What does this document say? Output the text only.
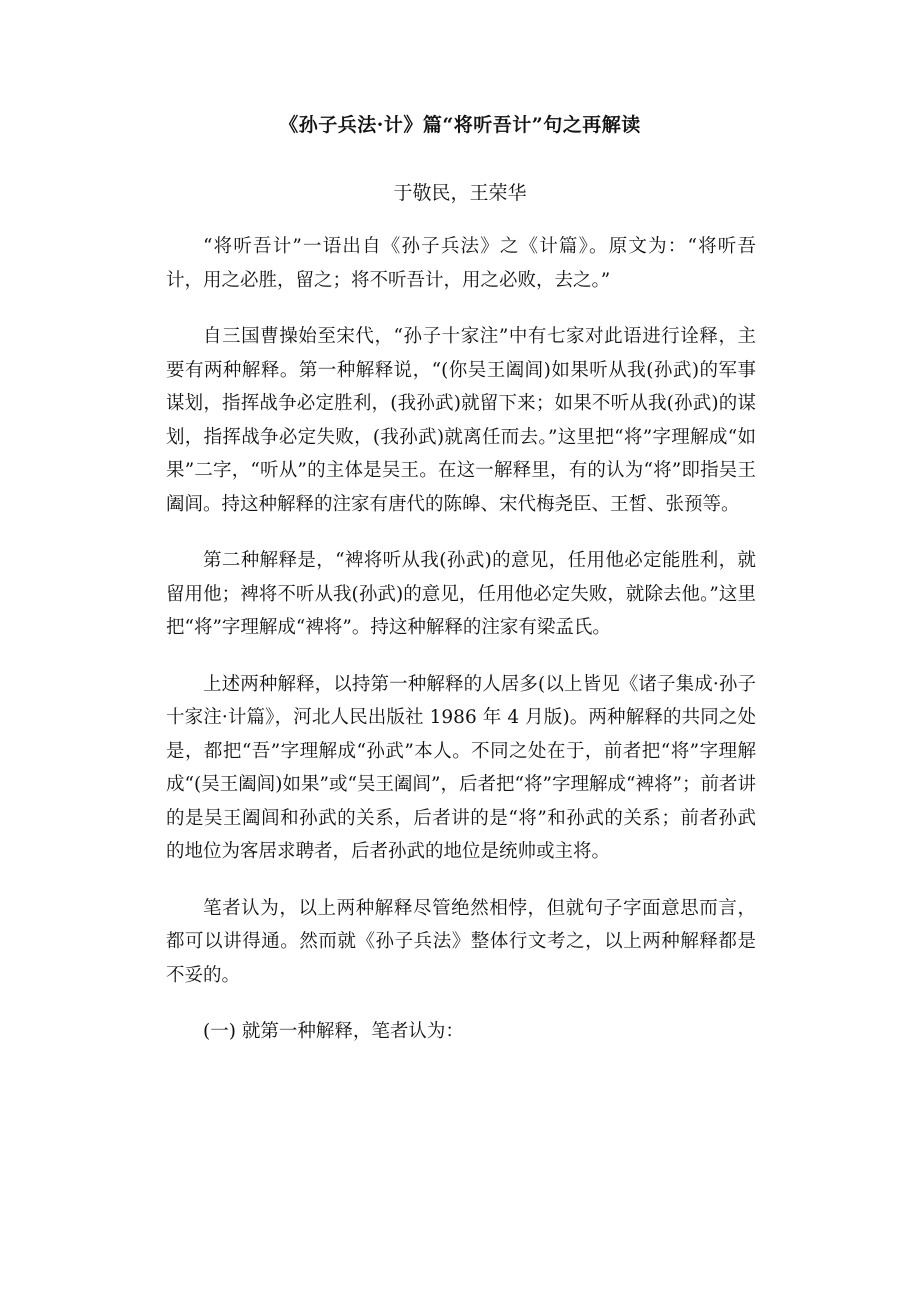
《孙子兵法·计》篇“将听吾计”句之再解读
于敬民，王荣华

“将听吾计”一语出自《孙子兵法》之《计篇》。原文为：“将听吾计，用之必胜，留之；将不听吾计，用之必败，去之。”

自三国曹操始至宋代，“孙子十家注”中有七家对此语进行诠释，主要有两种解释。第一种解释说，“(你吴王阖闾)如果听从我(孙武)的军事谋划，指挥战争必定胜利，(我孙武)就留下来；如果不听从我(孙武)的谋划，指挥战争必定失败，(我孙武)就离任而去。”这里把“将”字理解成“如果”二字，“听从”的主体是吴王。在这一解释里，有的认为“将”即指吴王阖闾。持这种解释的注家有唐代的陈皞、宋代梅尧臣、王皙、张预等。

第二种解释是，“裨将听从我(孙武)的意见，任用他必定能胜利，就留用他；裨将不听从我(孙武)的意见，任用他必定失败，就除去他。”这里把“将”字理解成“裨将”。持这种解释的注家有梁孟氏。

上述两种解释，以持第一种解释的人居多(以上皆见《诸子集成·孙子十家注·计篇》，河北人民出版社 1986 年 4 月版)。两种解释的共同之处是，都把“吾”字理解成“孙武”本人。不同之处在于，前者把“将”字理解成“(吴王阖闾)如果”或“吴王阖闾”，后者把“将”字理解成“裨将”；前者讲的是吴王阖闾和孙武的关系，后者讲的是“将”和孙武的关系；前者孙武的地位为客居求聘者，后者孙武的地位是统帅或主将。

笔者认为，以上两种解释尽管绝然相悖，但就句子字面意思而言，都可以讲得通。然而就《孙子兵法》整体行文考之，以上两种解释都是不妥的。

(一) 就第一种解释，笔者认为：
